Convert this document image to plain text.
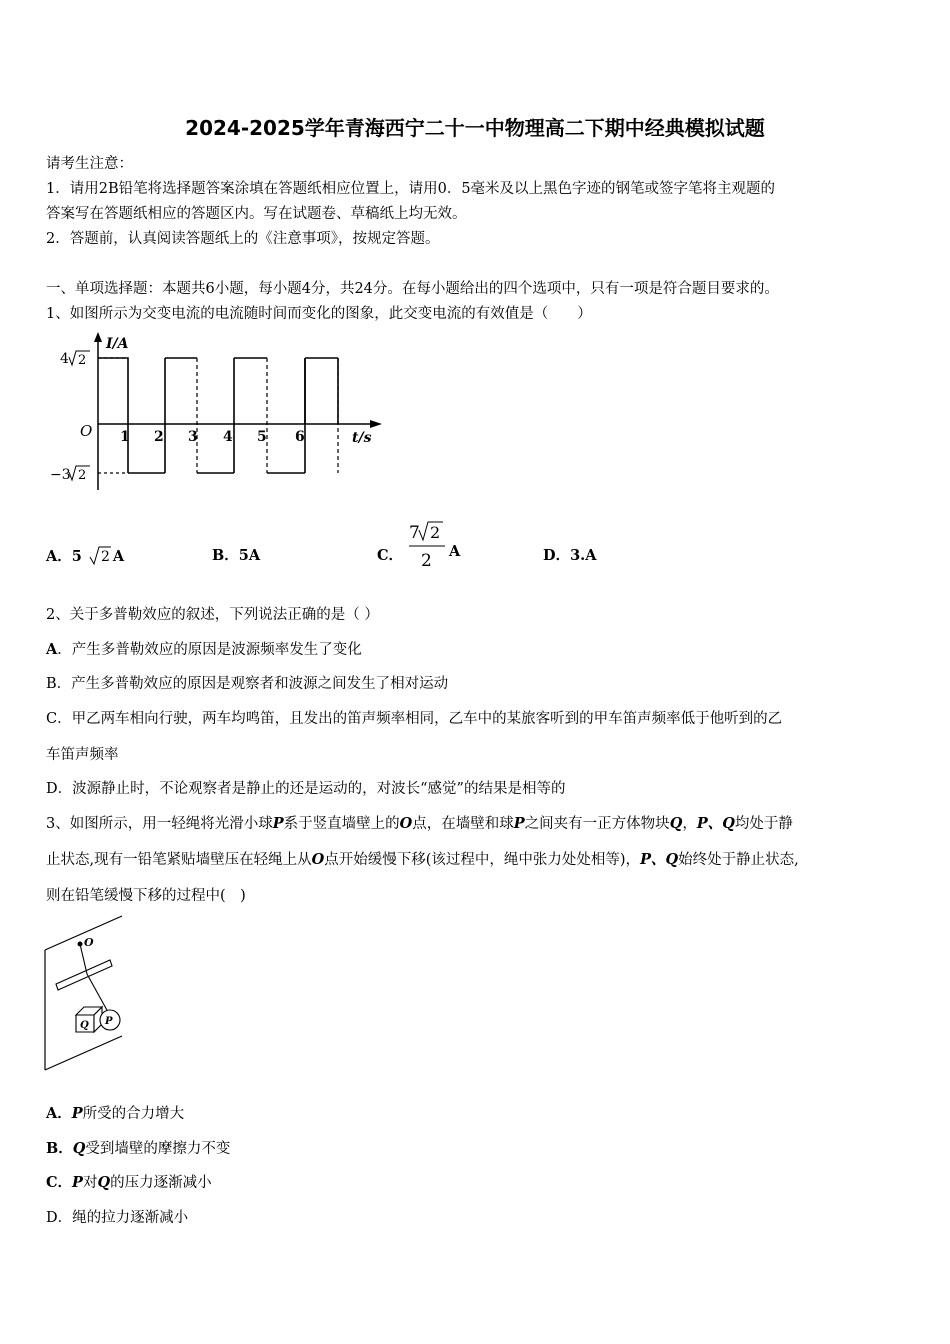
2024-2025学年青海西宁二十一中物理高二下期中经典模拟试题
请考生注意：
1．请用2B铅笔将选择题答案涂填在答题纸相应位置上，请用0．5毫米及以上黑色字迹的钢笔或签字笔将主观题的
答案写在答题纸相应的答题区内。写在试题卷、草稿纸上均无效。
2．答题前，认真阅读答题纸上的《注意事项》，按规定答题。
一、单项选择题：本题共6小题，每小题4分，共24分。在每小题给出的四个选项中，只有一项是符合题目要求的。
1、如图所示为交变电流的电流随时间而变化的图象，此交变电流的有效值是（　　）
I/A
t/s
O
4 2
−3 2
1 2 3 4 5 6
A．5 2 A	B．5A	C．
7 2
2 A	D．3.A
2、关于多普勒效应的叙述，下列说法正确的是（ ）
A．产生多普勒效应的原因是波源频率发生了变化
B．产生多普勒效应的原因是观察者和波源之间发生了相对运动
C．甲乙两车相向行驶，两车均鸣笛，且发出的笛声频率相同，乙车中的某旅客听到的甲车笛声频率低于他听到的乙
车笛声频率
D．波源静止时，不论观察者是静止的还是运动的，对波长“感觉”的结果是相等的
3、如图所示，用一轻绳将光滑小球P系于竖直墙壁上的O点，在墙壁和球P之间夹有一正方体物块Q，P、Q均处于静
止状态,现有一铅笔紧贴墙壁压在轻绳上从O点开始缓慢下移(该过程中，绳中张力处处相等)，P、Q始终处于静止状态,
则在铅笔缓慢下移的过程中(　)
O
Q P
A．P所受的合力增大
B．Q受到墙壁的摩擦力不变
C．P对Q的压力逐渐减小
D．绳的拉力逐渐减小
